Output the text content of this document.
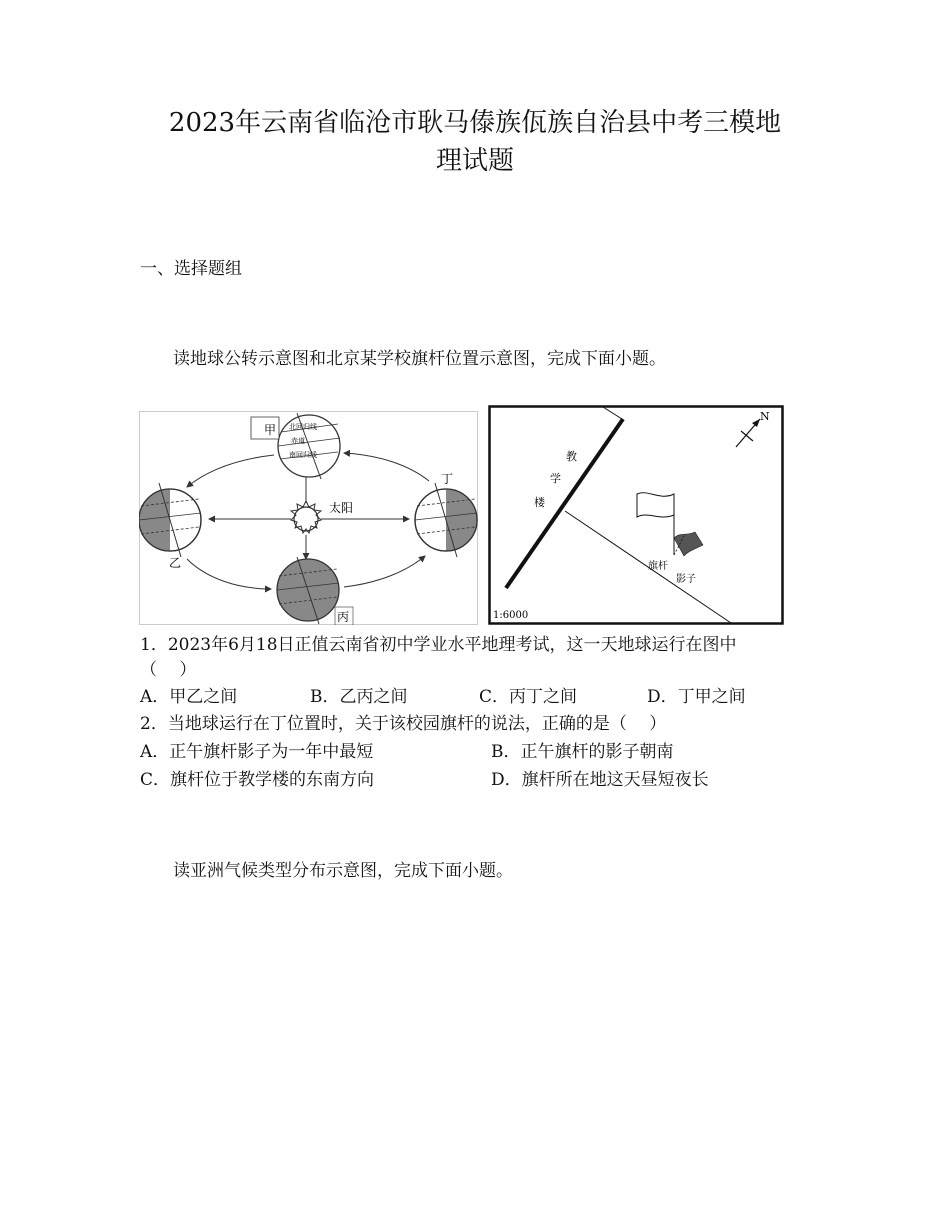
2023年云南省临沧市耿马傣族佤族自治县中考三模地
理试题
一、选择题组
读地球公转示意图和北京某学校旗杆位置示意图，完成下面小题。
太阳
北回归线
赤道
南回归线
甲
乙
丙
丁
教
学
楼
N
旗杆
影子
1:6000
1．2023年6月18日正值云南省初中学业水平地理考试，这一天地球运行在图中
（　 ）
A．甲乙之间	B．乙丙之间	C．丙丁之间	D．丁甲之间
2．当地球运行在丁位置时，关于该校园旗杆的说法，正确的是（　 ）
A．正午旗杆影子为一年中最短	B．正午旗杆的影子朝南
C．旗杆位于教学楼的东南方向	D．旗杆所在地这天昼短夜长
读亚洲气候类型分布示意图，完成下面小题。
